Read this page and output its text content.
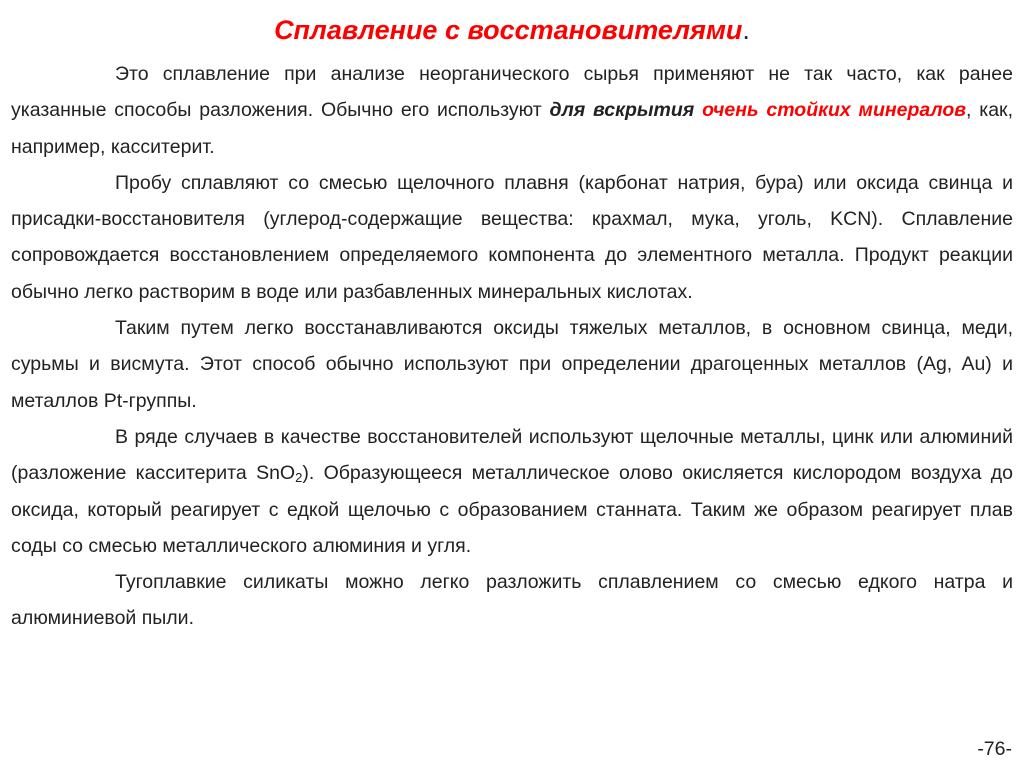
Сплавление с восстановителями.

Это сплавление при анализе неорганического сырья применяют не так часто, как ранее указанные способы разложения. Обычно его используют для вскрытия очень стойких минералов, как, например, касситерит.

Пробу сплавляют со смесью щелочного плавня (карбонат натрия, бура) или оксида свинца и присадки-восстановителя (углерод-содержащие вещества: крахмал, мука, уголь, KCN). Сплавление сопровождается восстановлением определяемого компонента до элементного металла. Продукт реакции обычно легко растворим в воде или разбавленных минеральных кислотах.

Таким путем легко восстанавливаются оксиды тяжелых металлов, в основном свинца, меди, сурьмы и висмута. Этот способ обычно используют при определении драгоценных металлов (Ag, Au) и металлов Pt-группы.

В ряде случаев в качестве восстановителей используют щелочные металлы, цинк или алюминий (разложение касситерита SnO$_2$). Образующееся металлическое олово окисляется кислородом воздуха до оксида, который реагирует с едкой щелочью с образованием станната. Таким же образом реагирует плав соды со смесью металлического алюминия и угля.

Тугоплавкие силикаты можно легко разложить сплавлением со смесью едкого натра и алюминиевой пыли.

-76-
